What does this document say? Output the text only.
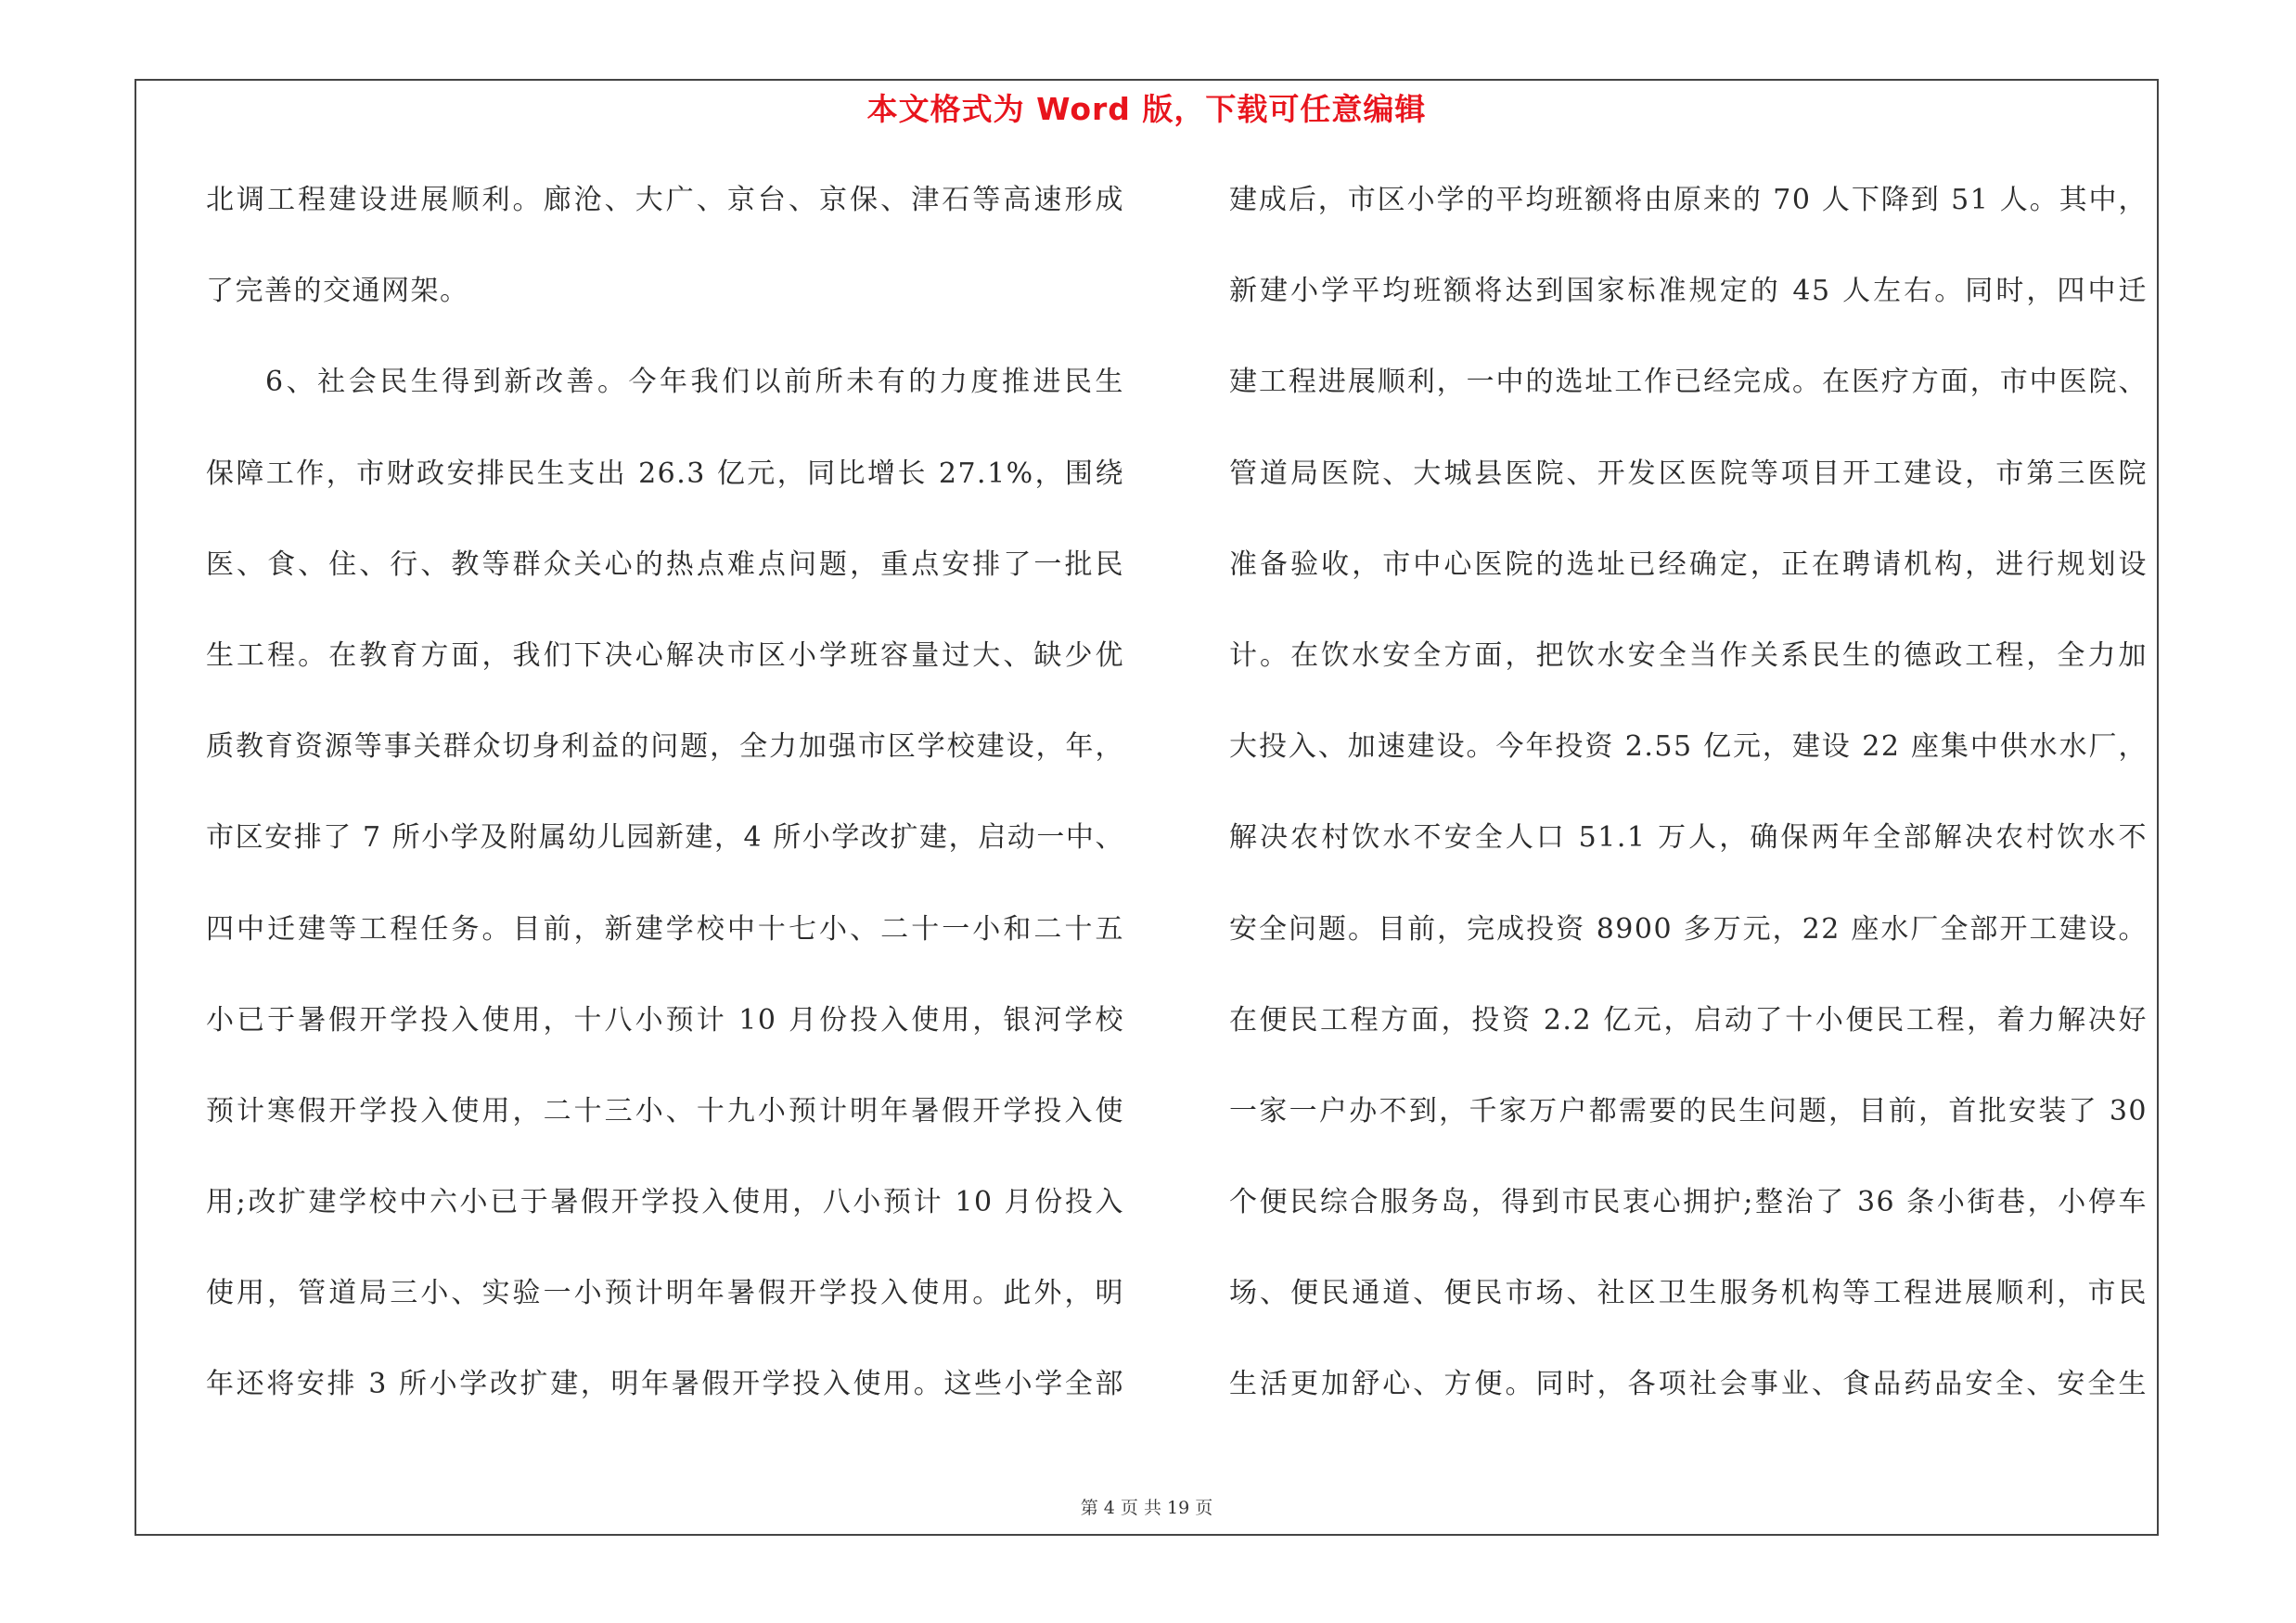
本文格式为 Word 版，下载可任意编辑
北调工程建设进展顺利。廊沧、大广、京台、京保、津石等高速形成
了完善的交通网架。
6、社会民生得到新改善。今年我们以前所未有的力度推进民生
保障工作，市财政安排民生支出 26.3 亿元，同比增长 27.1%，围绕
医、食、住、行、教等群众关心的热点难点问题，重点安排了一批民
生工程。在教育方面，我们下决心解决市区小学班容量过大、缺少优
质教育资源等事关群众切身利益的问题，全力加强市区学校建设，年，
市区安排了 7 所小学及附属幼儿园新建，4 所小学改扩建，启动一中、
四中迁建等工程任务。目前，新建学校中十七小、二十一小和二十五
小已于暑假开学投入使用，十八小预计 10 月份投入使用，银河学校
预计寒假开学投入使用，二十三小、十九小预计明年暑假开学投入使
用;改扩建学校中六小已于暑假开学投入使用，八小预计 10 月份投入
使用，管道局三小、实验一小预计明年暑假开学投入使用。此外，明
年还将安排 3 所小学改扩建，明年暑假开学投入使用。这些小学全部
建成后，市区小学的平均班额将由原来的 70 人下降到 51 人。其中，
新建小学平均班额将达到国家标准规定的 45 人左右。同时，四中迁
建工程进展顺利，一中的选址工作已经完成。在医疗方面，市中医院、
管道局医院、大城县医院、开发区医院等项目开工建设，市第三医院
准备验收，市中心医院的选址已经确定，正在聘请机构，进行规划设
计。在饮水安全方面，把饮水安全当作关系民生的德政工程，全力加
大投入、加速建设。今年投资 2.55 亿元，建设 22 座集中供水水厂，
解决农村饮水不安全人口 51.1 万人，确保两年全部解决农村饮水不
安全问题。目前，完成投资 8900 多万元，22 座水厂全部开工建设。
在便民工程方面，投资 2.2 亿元，启动了十小便民工程，着力解决好
一家一户办不到，千家万户都需要的民生问题，目前，首批安装了 30
个便民综合服务岛，得到市民衷心拥护;整治了 36 条小街巷，小停车
场、便民通道、便民市场、社区卫生服务机构等工程进展顺利，市民
生活更加舒心、方便。同时，各项社会事业、食品药品安全、安全生
第 4 页 共 19 页
